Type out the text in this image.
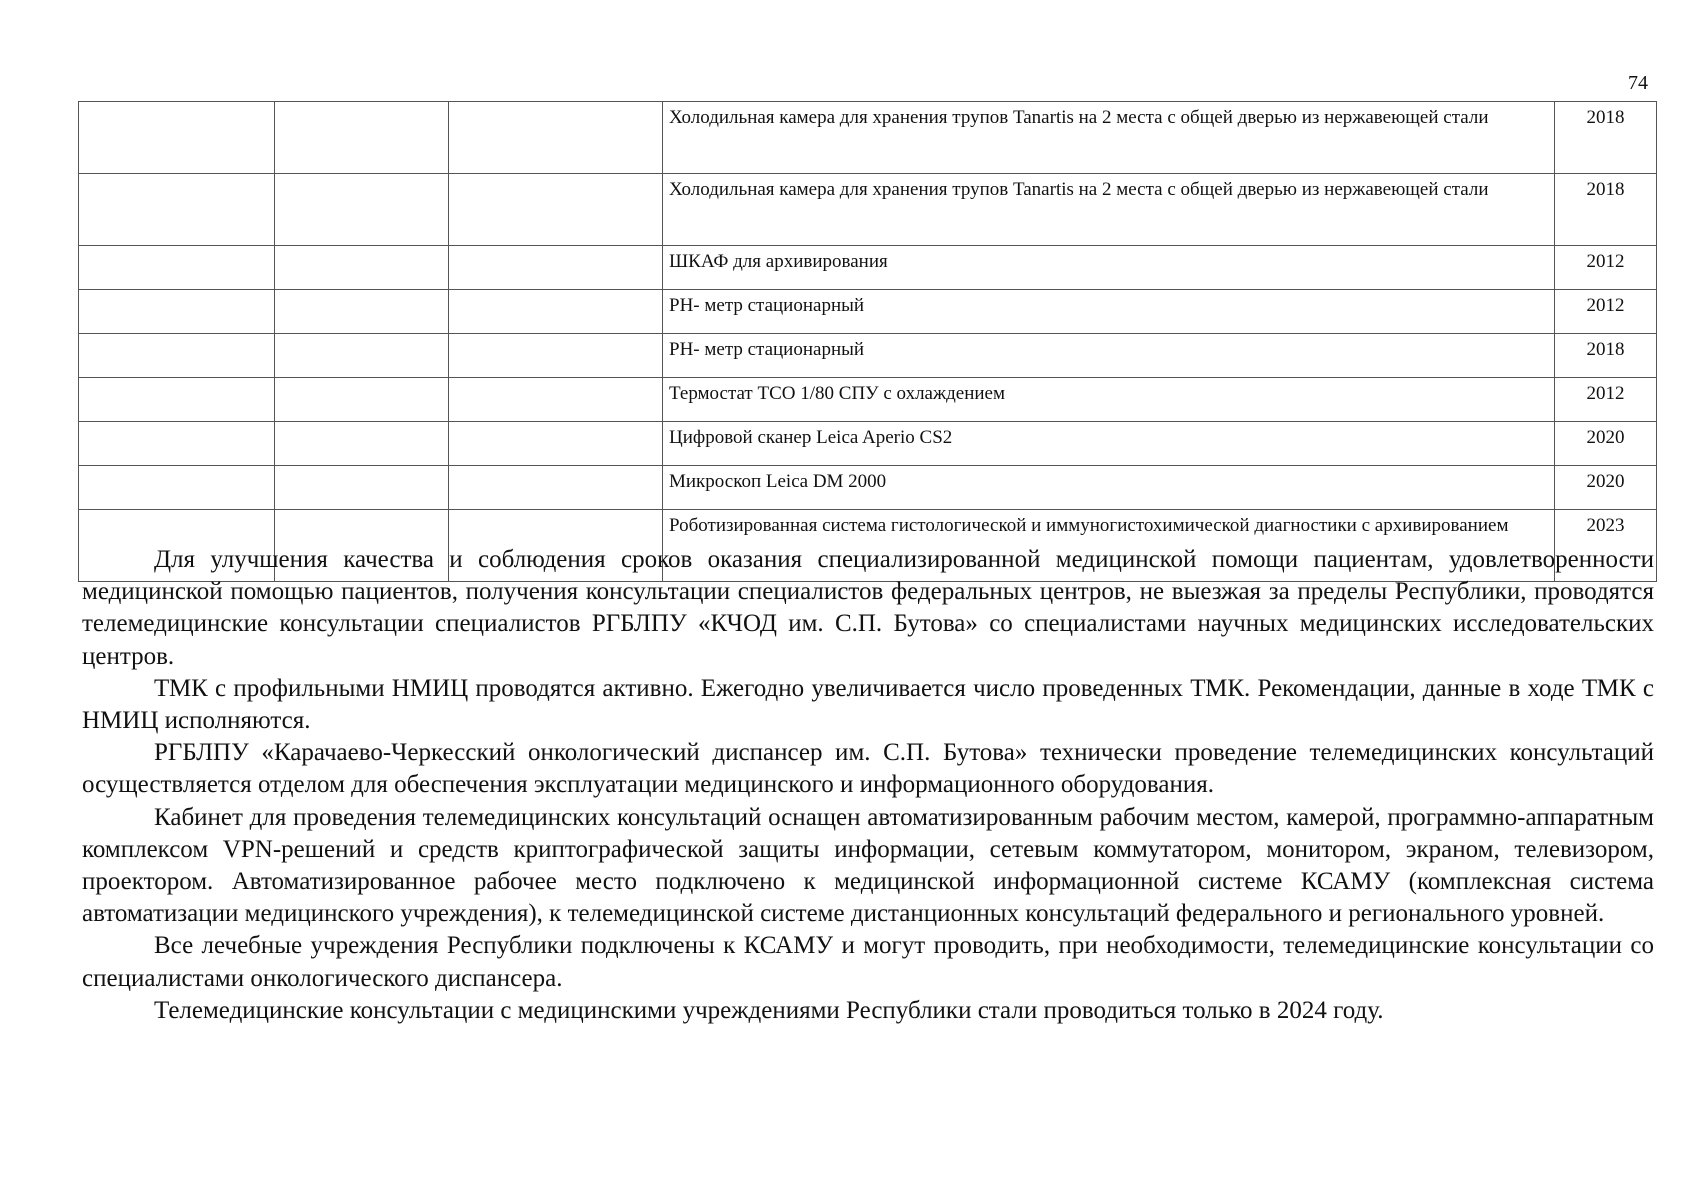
74
			Холодильная камера для хранения трупов Tanartis на 2 места с общей дверью из нержавеющей стали	2018
			Холодильная камера для хранения трупов Tanartis на 2 места с общей дверью из нержавеющей стали	2018
			ШКАФ для архивирования	2012
			РН- метр стационарный	2012
			РН- метр стационарный	2018
			Термостат ТСО 1/80 СПУ с охлаждением	2012
			Цифровой сканер Leica Aperio CS2	2020
			Микроскоп Leica DM 2000	2020
			Роботизированная система гистологической и иммуногистохимической диагностики с архивированием	2023

Для улучшения качества и соблюдения сроков оказания специализированной медицинской помощи пациентам, удовлетворенности медицинской помощью пациентов, получения консультации специалистов федеральных центров, не выезжая за пределы Республики, проводятся телемедицинские консультации специалистов РГБЛПУ «КЧОД им. С.П. Бутова» со специалистами научных медицинских исследовательских центров.

ТМК с профильными НМИЦ проводятся активно. Ежегодно увеличивается число проведенных ТМК. Рекомендации, данные в ходе ТМК с НМИЦ исполняются.

РГБЛПУ «Карачаево-Черкесский онкологический диспансер им. С.П. Бутова» технически проведение телемедицинских консультаций осуществляется отделом для обеспечения эксплуатации медицинского и информационного оборудования.

Кабинет для проведения телемедицинских консультаций оснащен автоматизированным рабочим местом, камерой, программно-аппаратным комплексом VPN-решений и средств криптографической защиты информации, сетевым коммутатором, монитором, экраном, телевизором, проектором. Автоматизированное рабочее место подключено к медицинской информационной системе КСАМУ (комплексная система автоматизации медицинского учреждения), к телемедицинской системе дистанционных консультаций федерального и регионального уровней.

Все лечебные учреждения Республики подключены к КСАМУ и могут проводить, при необходимости, телемедицинские консультации со специалистами онкологического диспансера.

Телемедицинские консультации с медицинскими учреждениями Республики стали проводиться только в 2024 году.
